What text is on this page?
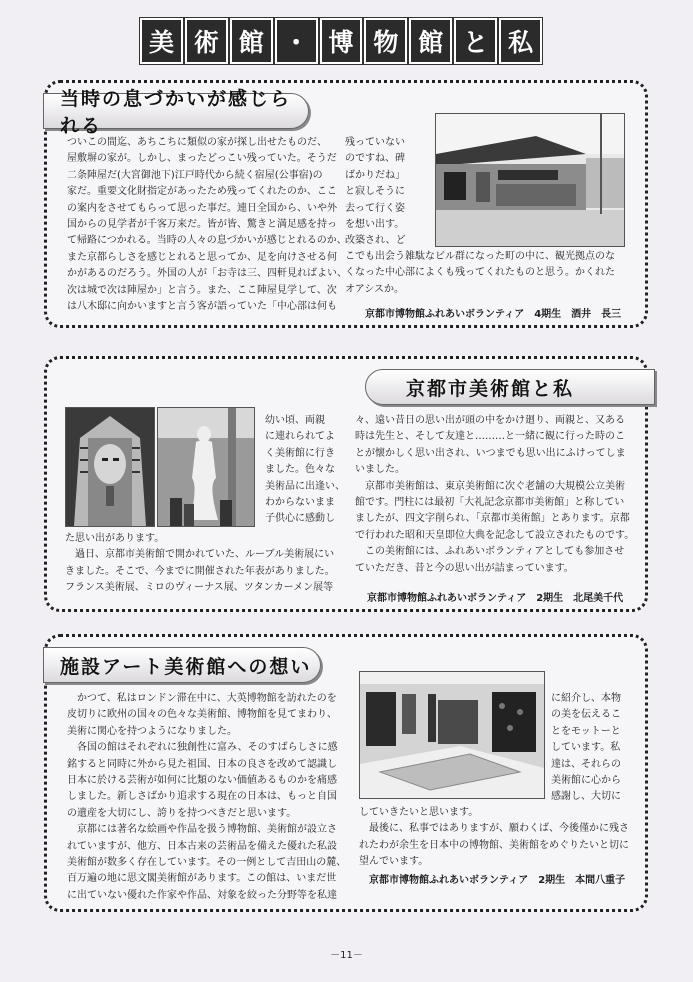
美 術 館 ・ 博 物 館 と 私
当時の息づかいが感じられる

ついこの間迄、あちこちに類似の家が探し出せたものだ、

屋敷塀の家が。しかし、まったどっこい残っていた。そうだ

二条陣屋だ(大宮御池下)江戸時代から続く宿屋(公事宿)の

家だ。重要文化財指定があったため残ってくれたのか、ここ

の案内をさせてもらって思った事だ。連日全国から、いや外

国からの見学者が千客万来だ。皆が皆、驚きと満足感を持っ

て帰路につかれる。当時の人々の息づかいが感じとれるのか、

また京都らしさを感じとれると思ってか、足を向けさせる何

かがあるのだろう。外国の人が「お寺は三、四軒見ればよい、

次は城で次は陣屋か」と言う。また、ここ陣屋見学して、次

は八木邸に向かいますと言う客が語っていた「中心部は何も

残っていない

のですね、碑

ばかりだね」

と寂しそうに

去って行く姿

を想い出す。

改築され、ど

こでも出会う雑駄なビル群になった町の中に、観光拠点のな

くなった中心部によくも残ってくれたものと思う。かくれた

オアシスか。

京都市博物館ふれあいボランティア　4期生　酒井　長三
京都市美術館と私

幼い頃、両親

に連れられてよ

く美術館に行き

ました。色々な

美術品に出逢い、

わからないまま

子供心に感動し

た思い出があります。

　過日、京都市美術館で開かれていた、ルーブル美術展にい

きました。そこで、今までに開催された年表がありました。

フランス美術展、ミロのヴィーナス展、ツタンカーメン展等

々、遠い昔日の思い出が頭の中をかけ廻り、両親と、又ある

時は先生と、そして友達と………と一緒に観に行った時のこ

とが懐かしく思い出され、いつまでも思い出にふけってしま

いました。

　京都市美術館は、東京美術館に次ぐ老舗の大規模公立美術

館です。門柱には最初「大礼記念京都市美術館」と称してい

ましたが、四文字削られ、「京都市美術館」とあります。京都

で行われた昭和天皇即位大典を記念して設立されたものです。

　この美術館には、ふれあいボランティアとしても参加させ

ていただき、昔と今の思い出が詰まっています。

京都市博物館ふれあいボランティア　2期生　北尾美千代
施設アート美術館への想い

　かつて、私はロンドン滞在中に、大英博物館を訪れたのを

皮切りに欧州の国々の色々な美術館、博物館を見てまわり、

美術に関心を持つようになりました。

　各国の館はそれぞれに独創性に富み、そのすばらしさに感

銘すると同時に外から見た祖国、日本の良さを改めて認識し

日本に於ける芸術が如何に比類のない価値あるものかを痛感

しました。新しさばかり追求する現在の日本は、もっと自国

の遺産を大切にし、誇りを持つべきだと思います。

　京都には著名な絵画や作品を扱う博物館、美術館が設立さ

れていますが、他方、日本古来の芸術品を備えた優れた私設

美術館が数多く存在しています。その一例として吉田山の麓、

百万遍の地に思文閣美術館があります。この館は、いまだ世

に出ていない優れた作家や作品、対象を絞った分野等を私達

に紹介し、本物

の美を伝えるこ

とをモットーと

しています。私

達は、それらの

美術館に心から

感謝し、大切に

していきたいと思います。

　最後に、私事ではありますが、願わくば、今後僅かに残さ

れたわが余生を日本中の博物館、美術館をめぐりたいと切に

望んでいます。

京都市博物館ふれあいボランティア　2期生　本間八重子
－11－
